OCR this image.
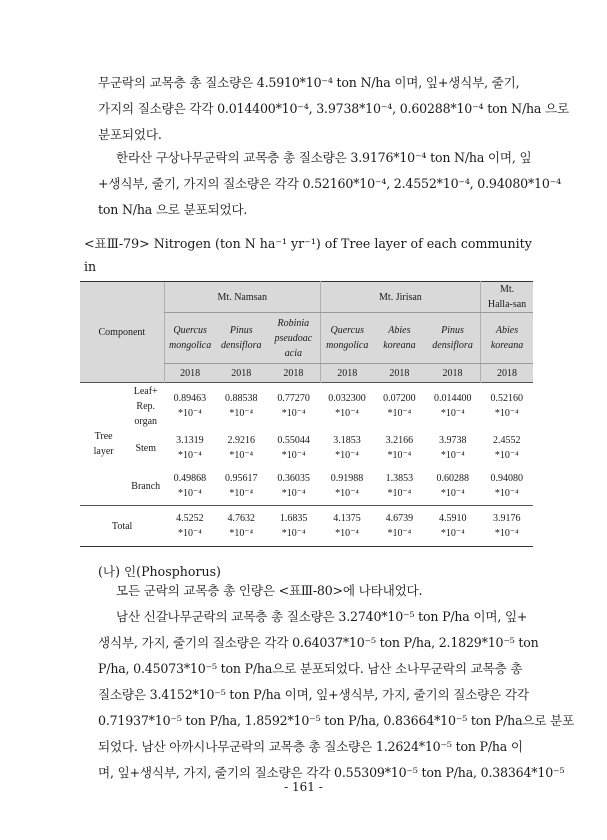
무군락의 교목층 총 질소량은 4.5910*10⁻⁴ ton N/ha 이며, 잎+생식부, 줄기,
가지의 질소량은 각각 0.014400*10⁻⁴, 3.9738*10⁻⁴, 0.60288*10⁻⁴ ton N/ha 으로
분포되었다.
한라산 구상나무군락의 교목층 총 질소량은 3.9176*10⁻⁴ ton N/ha 이며, 잎
+생식부, 줄기, 가지의 질소량은 각각 0.52160*10⁻⁴, 2.4552*10⁻⁴, 0.94080*10⁻⁴
ton N/ha 으로 분포되었다.
<표Ⅲ-79> Nitrogen (ton N ha⁻¹ yr⁻¹) of Tree layer of each community in
the study area
Component		Mt. Namsan			Mt. Jirisan			Mt.
Halla-san

		Quercus
mongolica	Pinus
densiflora	Robinia
pseudoac
acia	Quercus
mongolica	Abies
koreana	Pinus
densiflora	Abies
koreana

		2018	2018	2018	2018	2018	2018	2018

Tree
layer	Leaf+
Rep.
organ	0.89463
*10⁻⁴	0.88538
*10⁻⁴	0.77270
*10⁻⁴	0.032300
*10⁻⁴	0.07200
*10⁻⁴	0.014400
*10⁻⁴	0.52160
*10⁻⁴

	Stem	3.1319
*10⁻⁴	2.9216
*10⁻⁴	0.55044
*10⁻⁴	3.1853
*10⁻⁴	3.2166
*10⁻⁴	3.9738
*10⁻⁴	2.4552
*10⁻⁴

	Branch	0.49868
*10⁻⁴	0.95617
*10⁻⁴	0.36035
*10⁻⁴	0.91988
*10⁻⁴	1.3853
*10⁻⁴	0.60288
*10⁻⁴	0.94080
*10⁻⁴

Total		4.5252
*10⁻⁴	4.7632
*10⁻⁴	1.6835
*10⁻⁴	4.1375
*10⁻⁴	4.6739
*10⁻⁴	4.5910
*10⁻⁴	3.9176
*10⁻⁴

(나) 인(Phosphorus)

모든 군락의 교목층 총 인량은 <표Ⅲ-80>에 나타내었다.
남산 신갈나무군락의 교목층 총 질소량은 3.2740*10⁻⁵ ton P/ha 이며, 잎+
생식부, 가지, 줄기의 질소량은 각각 0.64037*10⁻⁵ ton P/ha, 2.1829*10⁻⁵ ton
P/ha, 0.45073*10⁻⁵ ton P/ha으로 분포되었다. 남산 소나무군락의 교목층 총
질소량은 3.4152*10⁻⁵ ton P/ha 이며, 잎+생식부, 가지, 줄기의 질소량은 각각
0.71937*10⁻⁵ ton P/ha, 1.8592*10⁻⁵ ton P/ha, 0.83664*10⁻⁵ ton P/ha으로 분포
되었다. 남산 아까시나무군락의 교목층 총 질소량은 1.2624*10⁻⁵ ton P/ha 이
며, 잎+생식부, 가지, 줄기의 질소량은 각각 0.55309*10⁻⁵ ton P/ha, 0.38364*10⁻⁵

- 161 -
